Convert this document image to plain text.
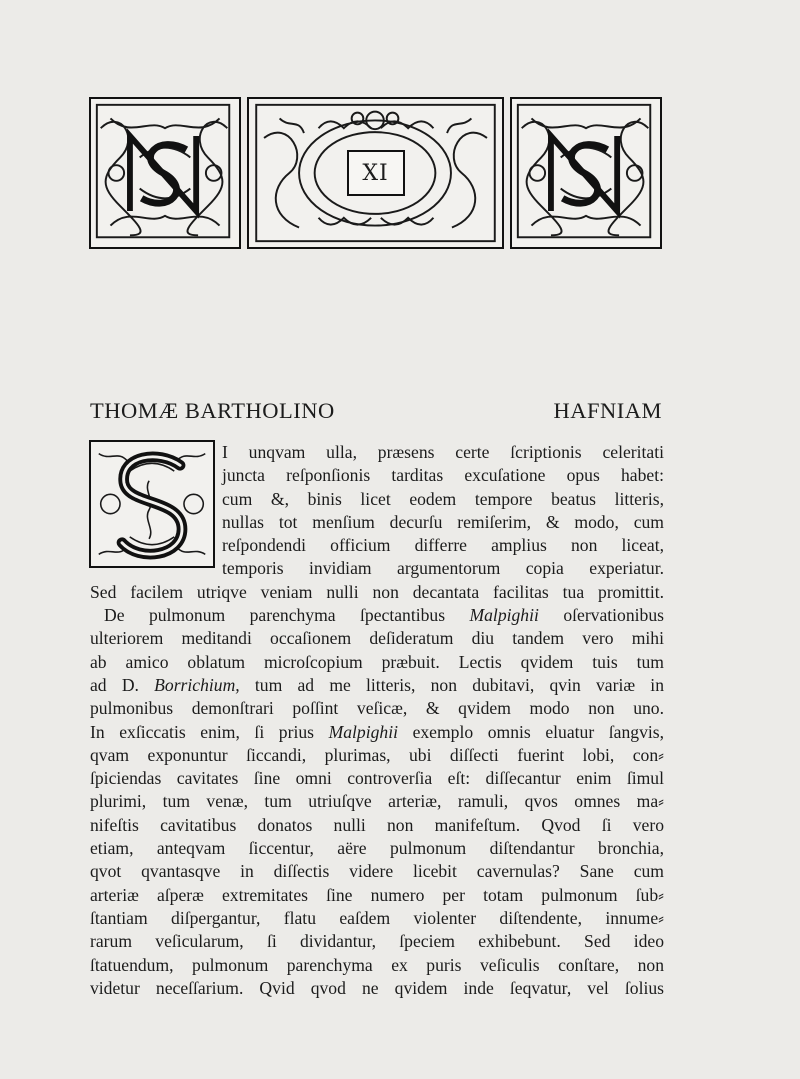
XI
THOMÆ BARTHOLINO	HAFNIAM
I unqvam ulla, præsens certe ſcriptionis celeritati
juncta reſponſionis tarditas excuſatione opus habet:
cum &, binis licet eodem tempore beatus litteris,
nullas tot menſium decurſu remiſerim, & modo, cum
reſpondendi officium differre amplius non liceat,
temporis invidiam argumentorum copia experiatur.
Sed facilem utriqve veniam nulli non decantata facilitas tua promittit.
De pulmonum parenchyma ſpectantibus Malpighii oſervationibus
ulteriorem meditandi occaſionem deſideratum diu tandem vero mihi
ab amico oblatum microſcopium præbuit. Lectis qvidem tuis tum
ad D. Borrichium, tum ad me litteris, non dubitavi, qvin variæ in
pulmonibus demonſtrari poſſint veſicæ, & qvidem modo non uno.
In exſiccatis enim, ſi prius Malpighii exemplo omnis eluatur ſangvis,
qvam exponuntur ſiccandi, plurimas, ubi diſſecti fuerint lobi, con⸗
ſpiciendas cavitates ſine omni controverſia eſt: diſſecantur enim ſimul
plurimi, tum venæ, tum utriuſqve arteriæ, ramuli, qvos omnes ma⸗
nifeſtis cavitatibus donatos nulli non manifeſtum. Qvod ſi vero
etiam, anteqvam ſiccentur, aëre pulmonum diſtendantur bronchia,
qvot qvantasqve in diſſectis videre licebit cavernulas? Sane cum
arteriæ aſperæ extremitates ſine numero per totam pulmonum ſub⸗
ſtantiam diſpergantur, flatu eaſdem violenter diſtendente, innume⸗
rarum veſicularum, ſi dividantur, ſpeciem exhibebunt. Sed ideo
ſtatuendum, pulmonum parenchyma ex puris veſiculis conſtare, non
videtur neceſſarium. Qvid qvod ne qvidem inde ſeqvatur, vel ſolius
